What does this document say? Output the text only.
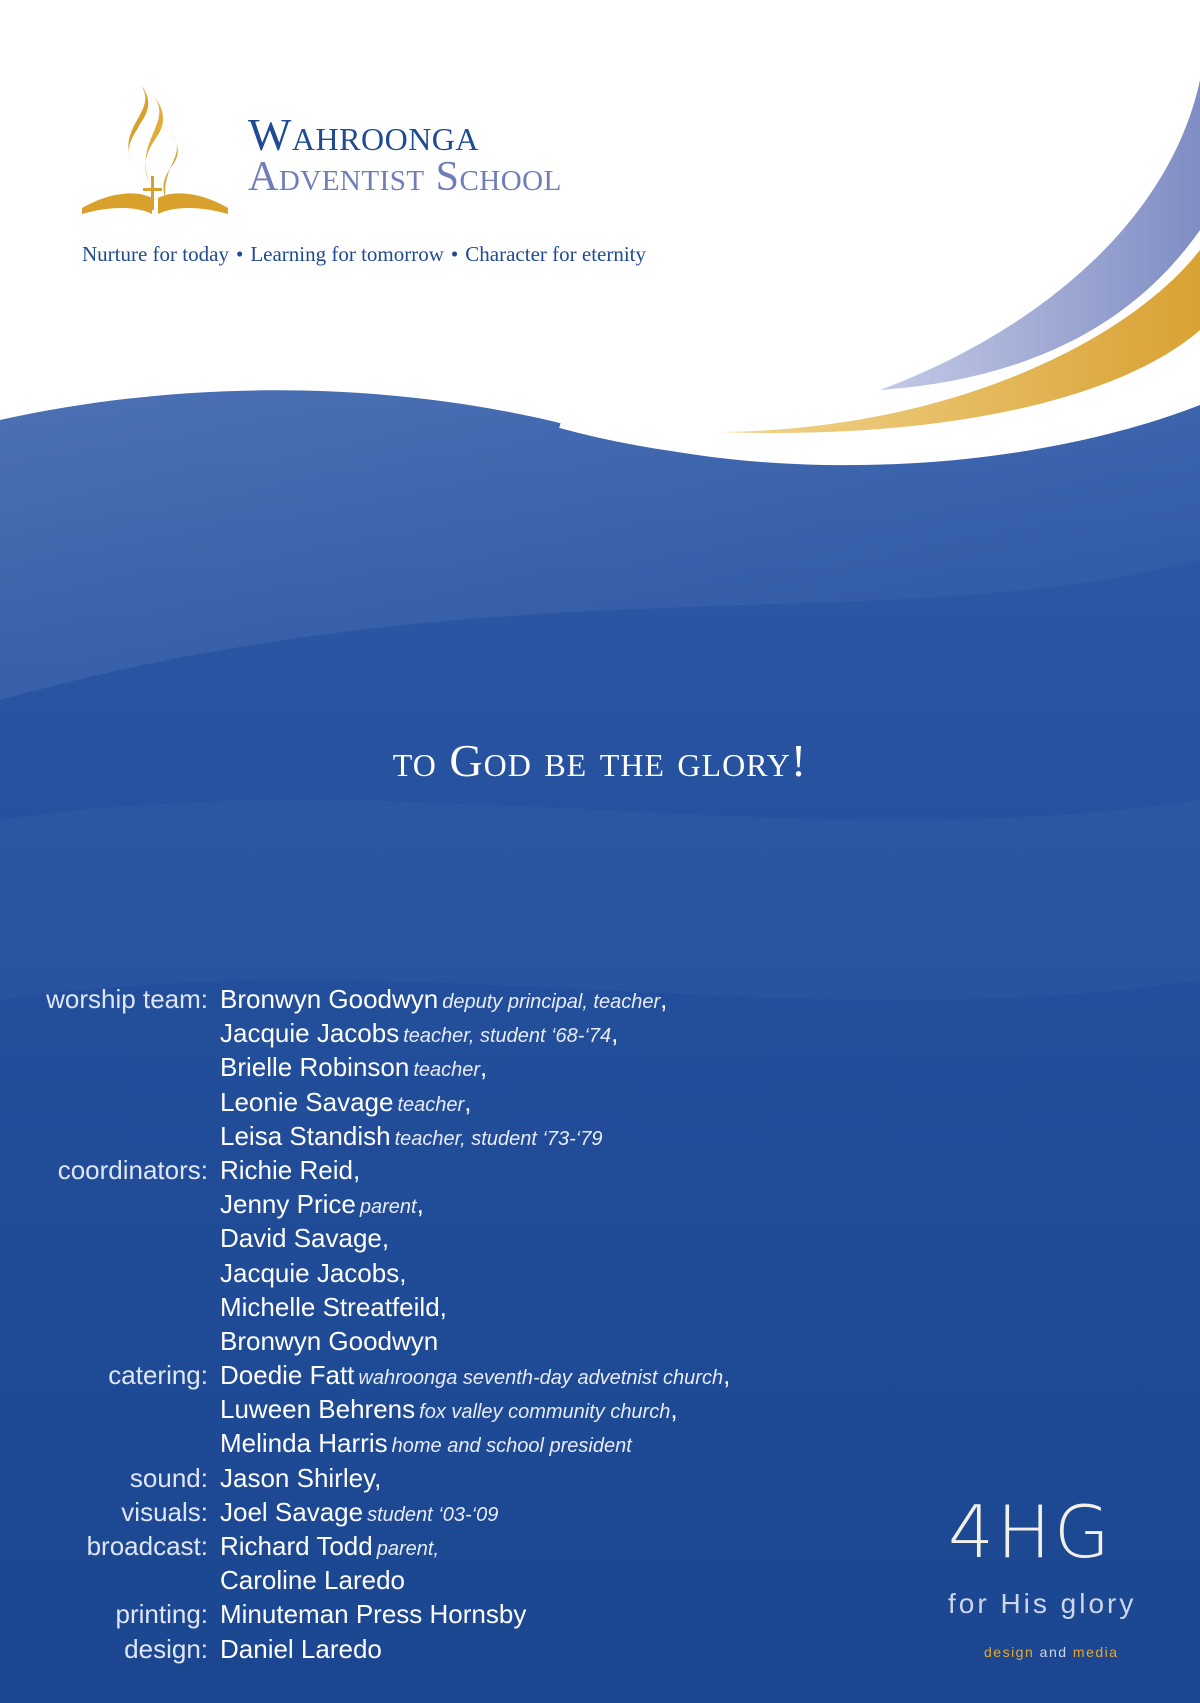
Wahroonga
Adventist School
Nurture for today • Learning for tomorrow • Character for eternity
to God be the glory!
worship team: Bronwyn Goodwyn deputy principal, teacher,
Jacquie Jacobs teacher, student ‘68-‘74,
Brielle Robinson teacher,
Leonie Savage teacher,
Leisa Standish teacher, student ‘73-‘79
coordinators: Richie Reid,
Jenny Price parent,
David Savage,
Jacquie Jacobs,
Michelle Streatfeild,
Bronwyn Goodwyn
catering: Doedie Fatt wahroonga seventh-day advetnist church,
Luween Behrens fox valley community church,
Melinda Harris home and school president
sound: Jason Shirley,
visuals: Joel Savage student ‘03-‘09
broadcast: Richard Todd parent,
Caroline Laredo
printing: Minuteman Press Hornsby
design: Daniel Laredo
4HG
for His glory
design and media
